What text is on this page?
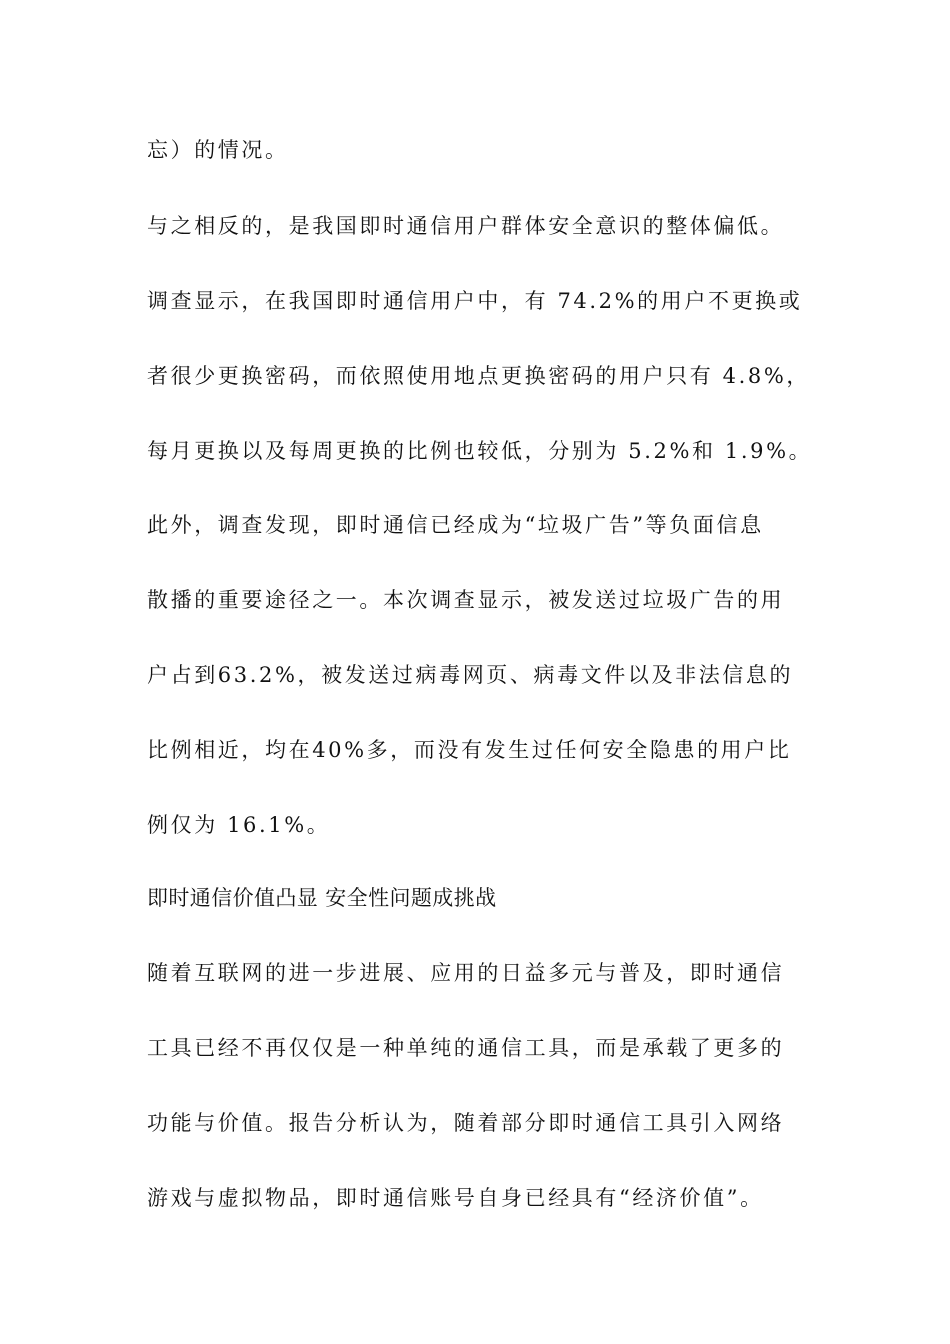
忘）的情况。
与之相反的，是我国即时通信用户群体安全意识的整体偏低。
调查显示，在我国即时通信用户中，有 74.2%的用户不更换或
者很少更换密码，而依照使用地点更换密码的用户只有 4.8%，
每月更换以及每周更换的比例也较低，分别为 5.2%和 1.9%。
此外，调查发现，即时通信已经成为“垃圾广告”等负面信息
散播的重要途径之一。本次调查显示，被发送过垃圾广告的用
户占到63.2%，被发送过病毒网页、病毒文件以及非法信息的
比例相近，均在40%多，而没有发生过任何安全隐患的用户比
例仅为 16.1%。
即时通信价值凸显 安全性问题成挑战
随着互联网的进一步进展、应用的日益多元与普及，即时通信
工具已经不再仅仅是一种单纯的通信工具，而是承载了更多的
功能与价值。报告分析认为，随着部分即时通信工具引入网络
游戏与虚拟物品，即时通信账号自身已经具有“经济价值”。
